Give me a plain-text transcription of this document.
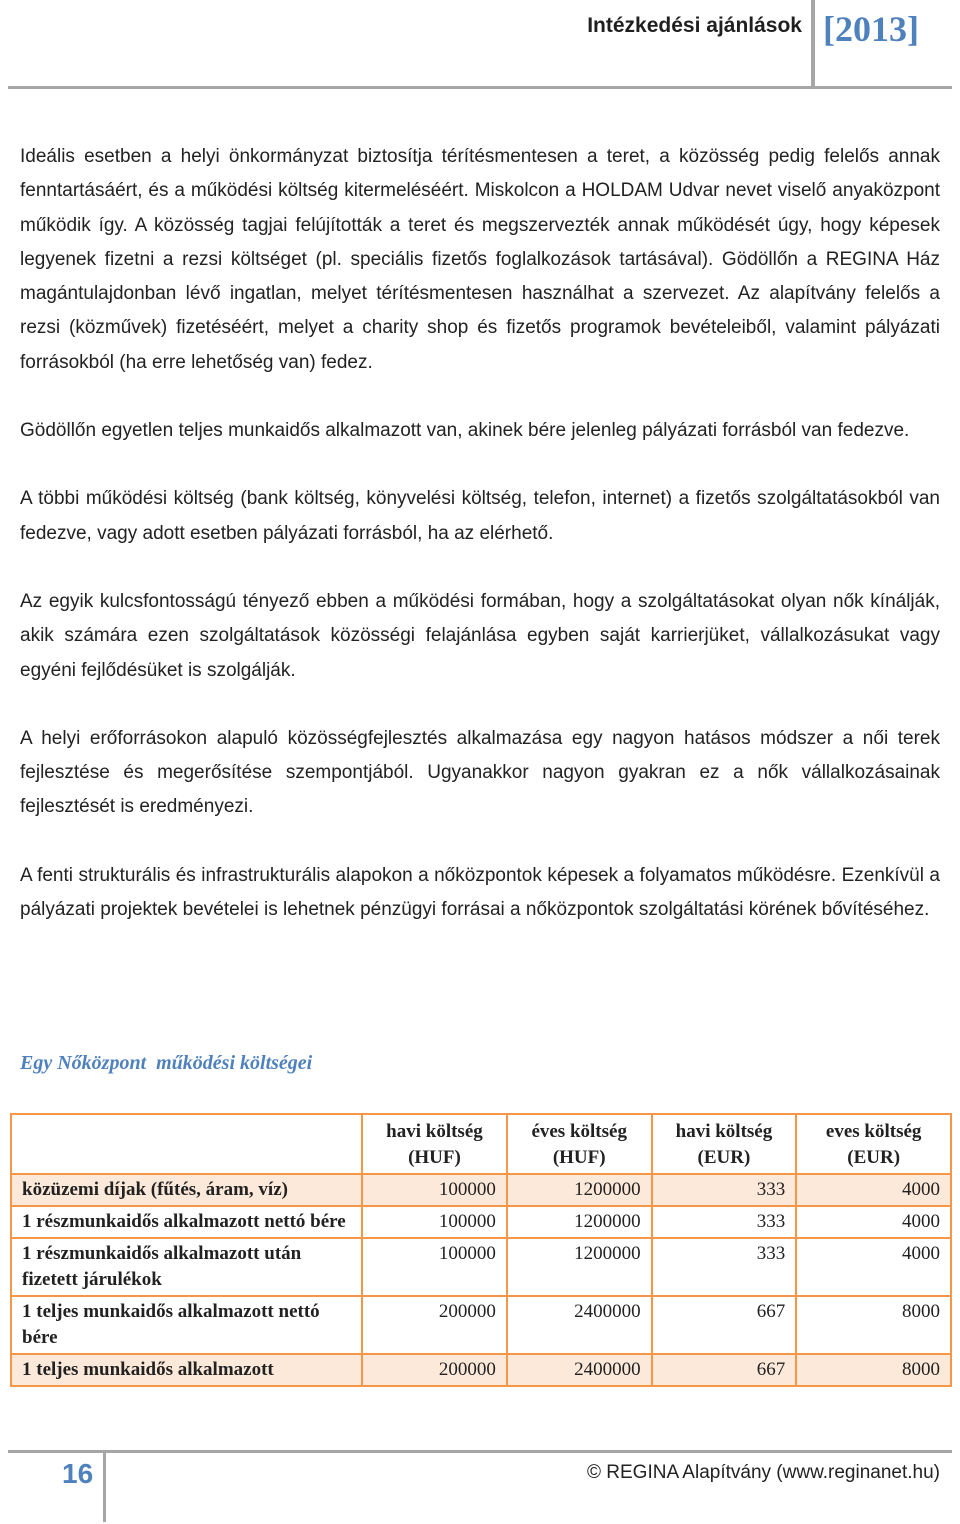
Intézkedési ajánlások [2013]

Ideális esetben a helyi önkormányzat biztosítja térítésmentesen a teret, a közösség pedig felelős annak fenntartásáért, és a működési költség kitermeléséért. Miskolcon a HOLDAM Udvar nevet viselő anyaközpont működik így. A közösség tagjai felújították a teret és megszervezték annak működését úgy, hogy képesek legyenek fizetni a rezsi költséget (pl. speciális fizetős foglalkozások tartásával). Gödöllőn a REGINA Ház magántulajdonban lévő ingatlan, melyet térítésmentesen használhat a szervezet. Az alapítvány felelős a rezsi (közművek) fizetéséért, melyet a charity shop és fizetős programok bevételeiből, valamint pályázati forrásokból (ha erre lehetőség van) fedez.

Gödöllőn egyetlen teljes munkaidős alkalmazott van, akinek bére jelenleg pályázati forrásból van fedezve.

A többi működési költség (bank költség, könyvelési költség, telefon, internet) a fizetős szolgáltatásokból van fedezve, vagy adott esetben pályázati forrásból, ha az elérhető.

Az egyik kulcsfontosságú tényező ebben a működési formában, hogy a szolgáltatásokat olyan nők kínálják, akik számára ezen szolgáltatások közösségi felajánlása egyben saját karrierjüket, vállalkozásukat vagy egyéni fejlődésüket is szolgálják.

A helyi erőforrásokon alapuló közösségfejlesztés alkalmazása egy nagyon hatásos módszer a női terek fejlesztése és megerősítése szempontjából. Ugyanakkor nagyon gyakran ez a nők vállalkozásainak fejlesztését is eredményezi.

A fenti strukturális és infrastrukturális alapokon a nőközpontok képesek a folyamatos működésre. Ezenkívül a pályázati projektek bevételei is lehetnek pénzügyi forrásai a nőközpontok szolgáltatási körének bővítéséhez.

Egy Nőközpont  működési költségei
	havi költség (HUF)	éves költség (HUF)	havi költség (EUR)	eves költség (EUR)
közüzemi díjak (fűtés, áram, víz)	100000	1200000	333	4000
1 részmunkaidős alkalmazott nettó bére	100000	1200000	333	4000
1 részmunkaidős alkalmazott után fizetett járulékok	100000	1200000	333	4000
1 teljes munkaidős alkalmazott nettó bére	200000	2400000	667	8000
1 teljes munkaidős alkalmazott	200000	2400000	667	8000
16	© REGINA Alapítvány (www.reginanet.hu)
